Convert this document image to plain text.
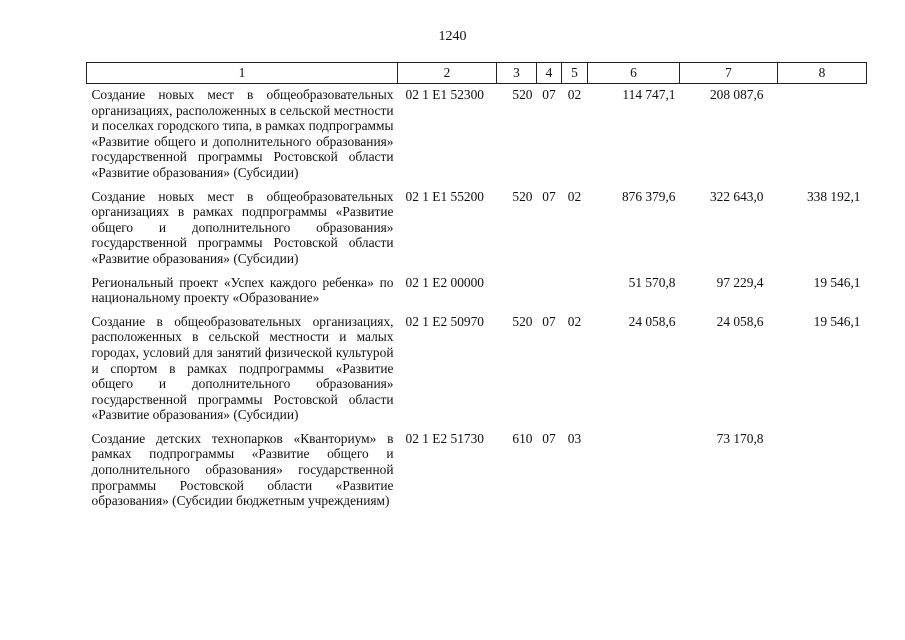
1240
1	2	3	4	5	6	7	8
Создание новых мест в общеобразовательных организациях, расположенных в сельской местности и поселках городского типа, в рамках подпрограммы «Развитие общего и дополнительного образования» государственной программы Ростовской области «Развитие образования» (Субсидии)	02 1 E1 52300	520	07	02	114 747,1	208 087,6	
Создание новых мест в общеобразовательных организациях в рамках подпрограммы «Развитие общего и дополнительного образования» государственной программы Ростовской области «Развитие образования» (Субсидии)	02 1 E1 55200	520	07	02	876 379,6	322 643,0	338 192,1
Региональный проект «Успех каждого ребенка» по национальному проекту «Образование»	02 1 E2 00000				51 570,8	97 229,4	19 546,1
Создание в общеобразовательных организациях, расположенных в сельской местности и малых городах, условий для занятий физической культурой и спортом в рамках подпрограммы «Развитие общего и дополнительного образования» государственной программы Ростовской области «Развитие образования» (Субсидии)	02 1 E2 50970	520	07	02	24 058,6	24 058,6	19 546,1
Создание детских технопарков «Кванториум» в рамках подпрограммы «Развитие общего и дополнительного образования» государственной программы Ростовской области «Развитие образования» (Субсидии бюджетным учреждениям)	02 1 E2 51730	610	07	03		73 170,8	
